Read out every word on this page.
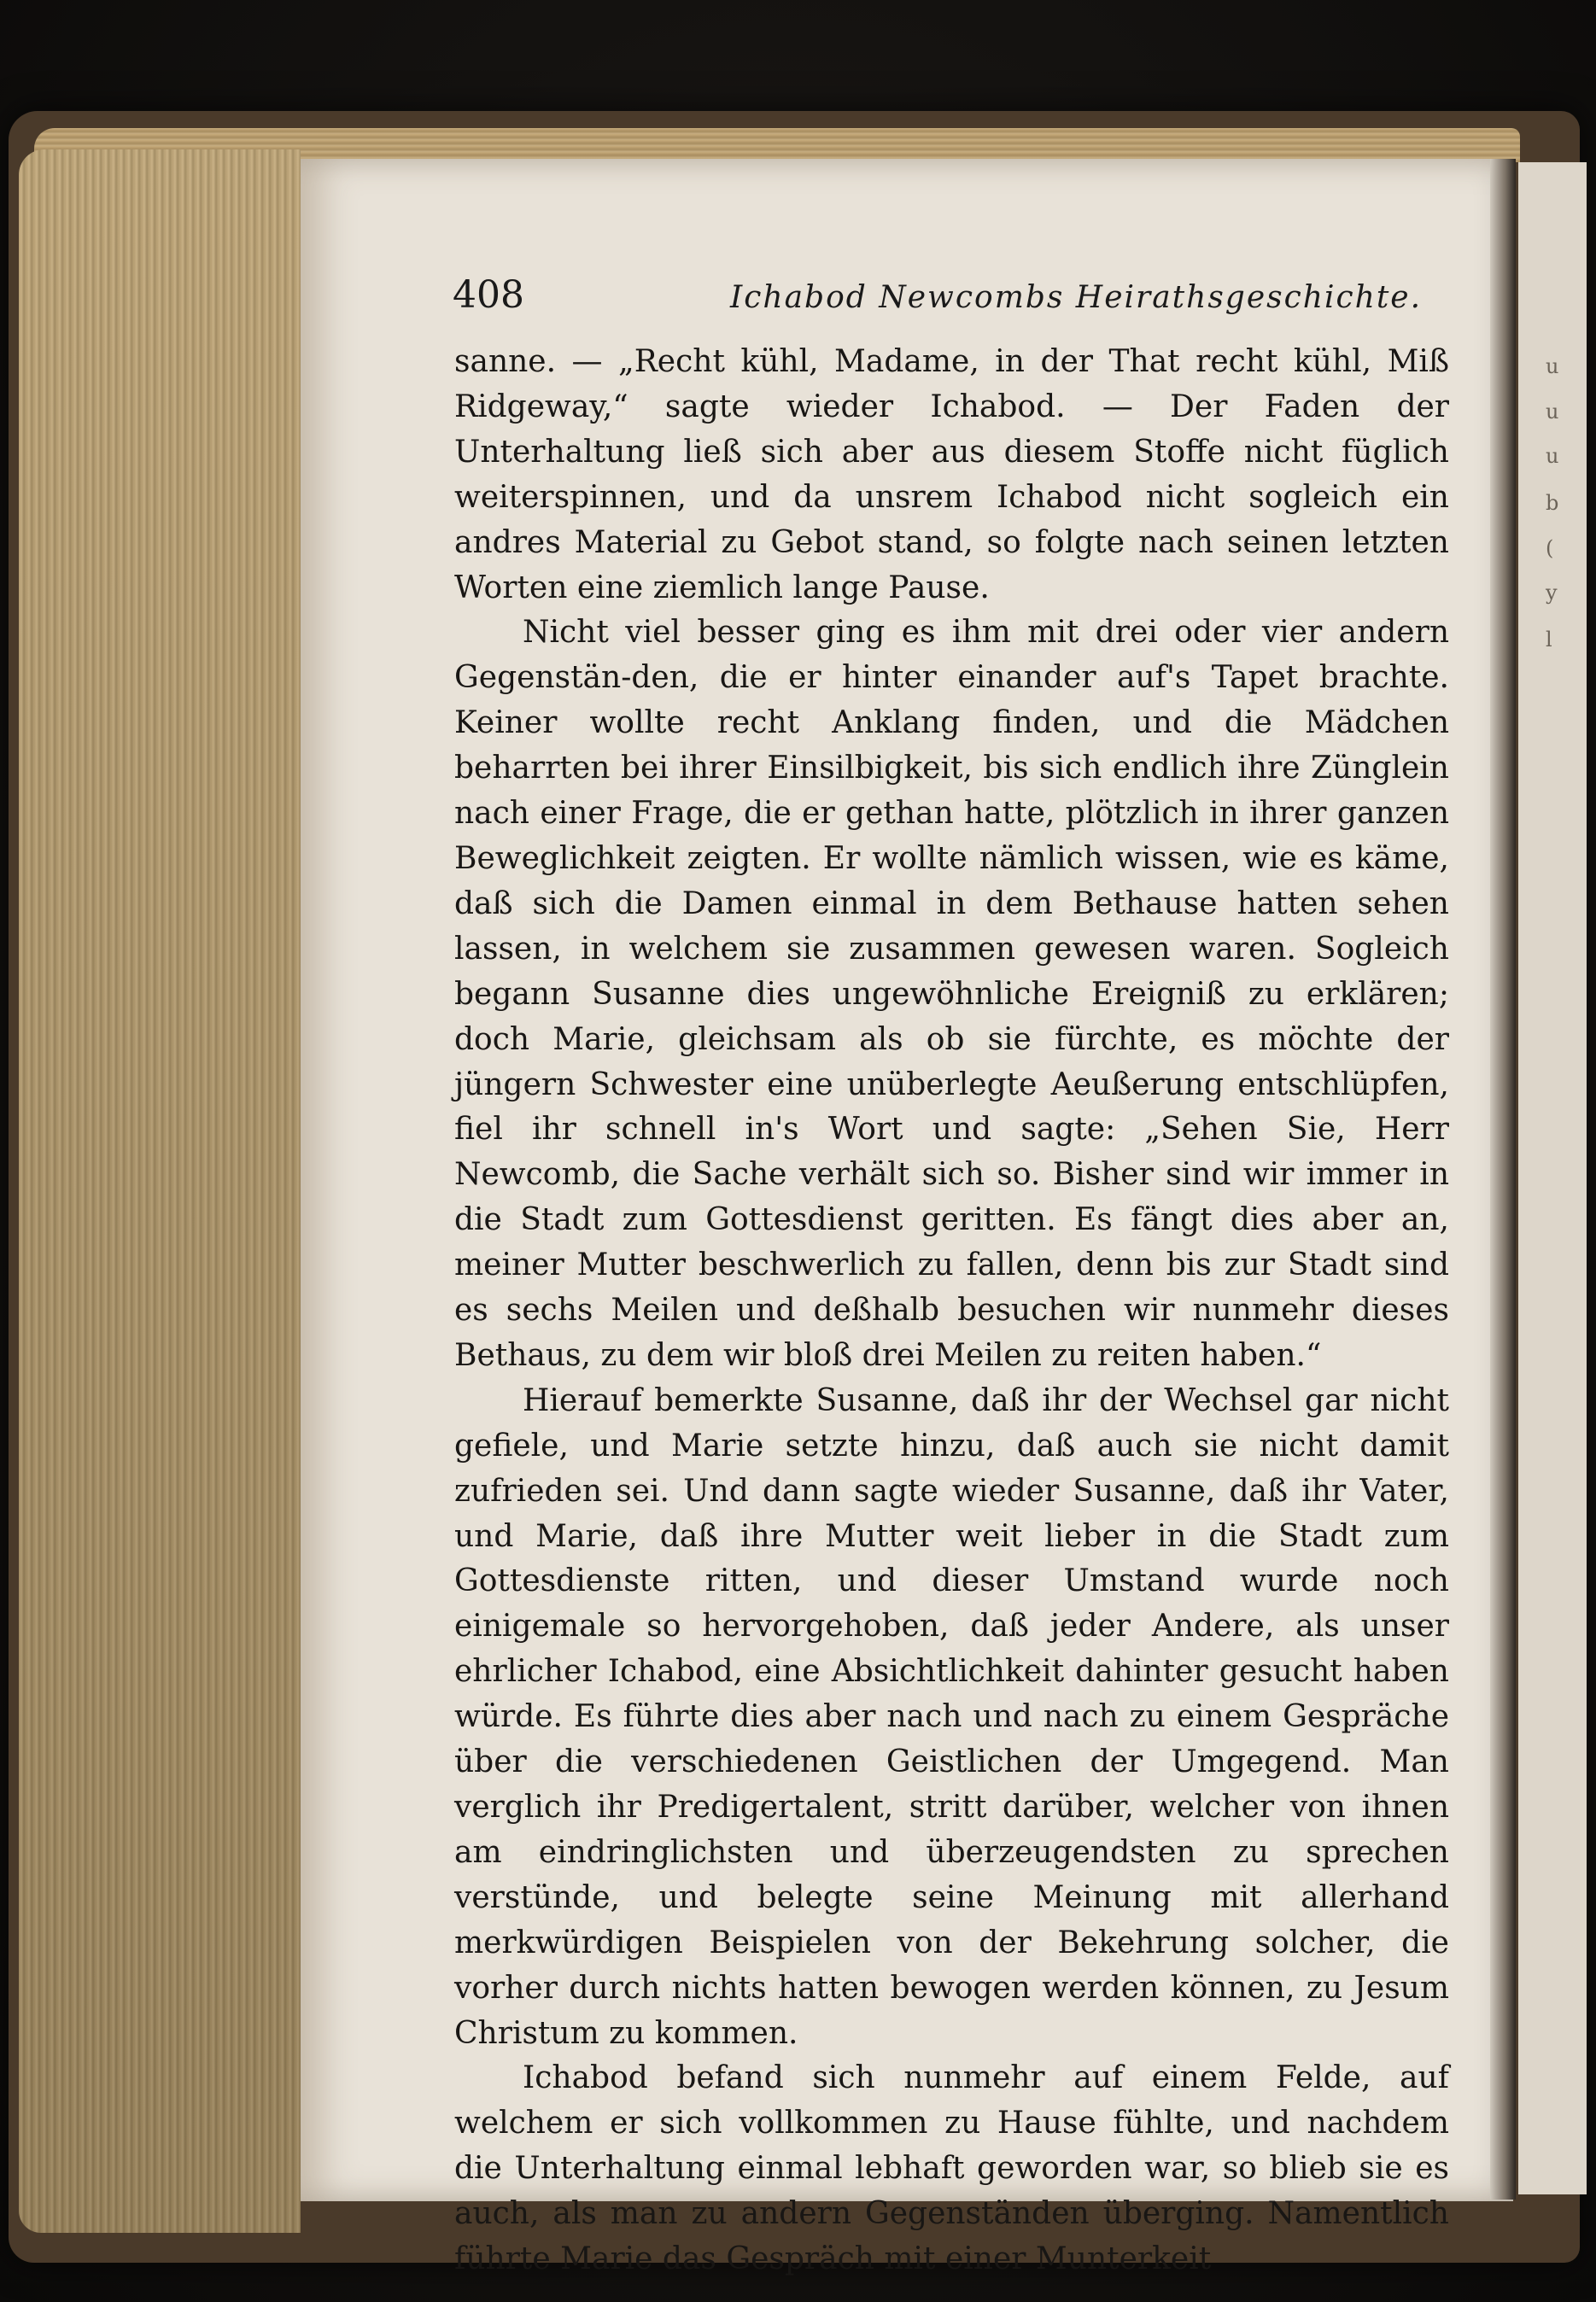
u
u
u
b
(
y
l
408	Ichabod Newcombs Heirathsgeschichte.

sanne. — „Recht kühl, Madame, in der That recht kühl, Miß Ridgeway,“ sagte wieder Ichabod. — Der Faden der Unterhaltung ließ sich aber aus diesem Stoffe nicht füglich weiterspinnen, und da unsrem Ichabod nicht sogleich ein andres Material zu Gebot stand, so folgte nach seinen letzten Worten eine ziemlich lange Pause.

Nicht viel besser ging es ihm mit drei oder vier andern Gegenstän-den, die er hinter einander auf's Tapet brachte. Keiner wollte recht Anklang finden, und die Mädchen beharrten bei ihrer Einsilbigkeit, bis sich endlich ihre Zünglein nach einer Frage, die er gethan hatte, plötzlich in ihrer ganzen Beweglichkeit zeigten. Er wollte nämlich wissen, wie es käme, daß sich die Damen einmal in dem Bethause hatten sehen lassen, in welchem sie zusammen gewesen waren. Sogleich begann Susanne dies ungewöhnliche Ereigniß zu erklären; doch Marie, gleichsam als ob sie fürchte, es möchte der jüngern Schwester eine unüberlegte Aeußerung entschlüpfen, fiel ihr schnell in's Wort und sagte: „Sehen Sie, Herr Newcomb, die Sache verhält sich so. Bisher sind wir immer in die Stadt zum Gottesdienst geritten. Es fängt dies aber an, meiner Mutter beschwerlich zu fallen, denn bis zur Stadt sind es sechs Meilen und deßhalb besuchen wir nunmehr dieses Bethaus, zu dem wir bloß drei Meilen zu reiten haben.“

Hierauf bemerkte Susanne, daß ihr der Wechsel gar nicht gefiele, und Marie setzte hinzu, daß auch sie nicht damit zufrieden sei. Und dann sagte wieder Susanne, daß ihr Vater, und Marie, daß ihre Mutter weit lieber in die Stadt zum Gottesdienste ritten, und dieser Umstand wurde noch einigemale so hervorgehoben, daß jeder Andere, als unser ehrlicher Ichabod, eine Absichtlichkeit dahinter gesucht haben würde. Es führte dies aber nach und nach zu einem Gespräche über die verschiedenen Geistlichen der Umgegend. Man verglich ihr Predigertalent, stritt darüber, welcher von ihnen am eindringlichsten und überzeugendsten zu sprechen verstünde, und belegte seine Meinung mit allerhand merkwürdigen Beispielen von der Bekehrung solcher, die vorher durch nichts hatten bewogen werden können, zu Jesum Christum zu kommen.

Ichabod befand sich nunmehr auf einem Felde, auf welchem er sich vollkommen zu Hause fühlte, und nachdem die Unterhaltung einmal lebhaft geworden war, so blieb sie es auch, als man zu andern Gegenständen überging. Namentlich führte Marie das Gespräch mit einer Munterkeit
